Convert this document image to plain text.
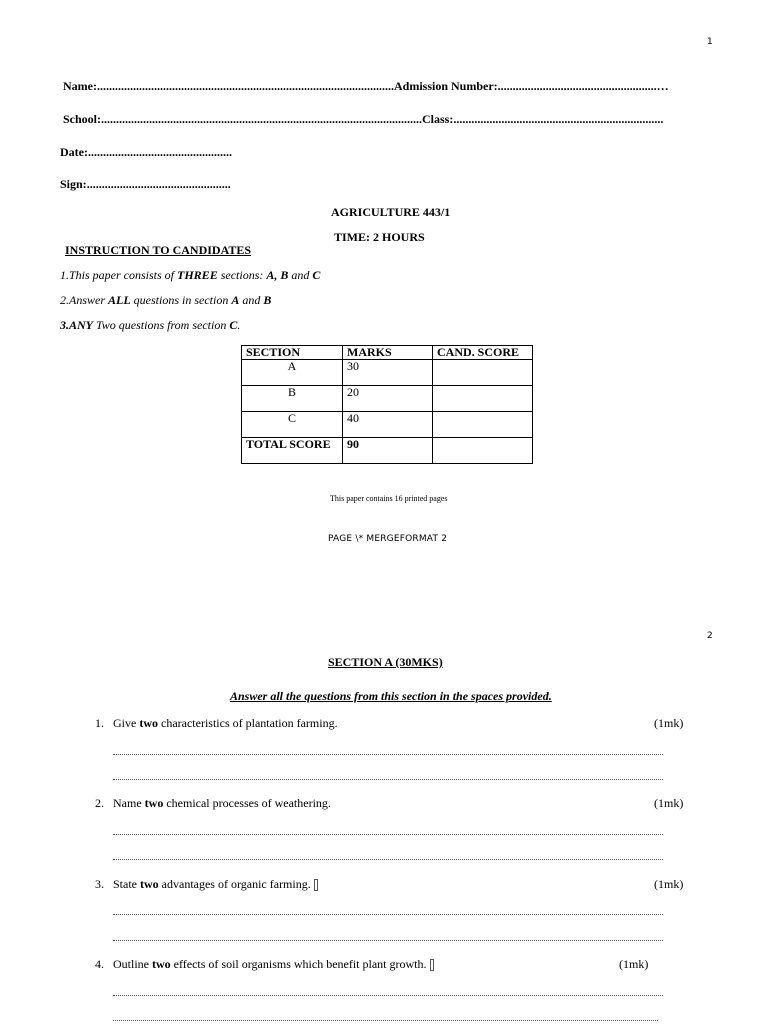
1
Name:...................................................................................................Admission Number:.....................................................…
School:...........................................................................................................Class:......................................................................
Date:................................................
Sign:................................................
AGRICULTURE 443/1
TIME: 2 HOURS
INSTRUCTION TO CANDIDATES
1.This paper consists of THREE sections: A, B and C
2.Answer ALL questions in section A and B
3.ANY Two questions from section C.
SECTION	MARKS	CAND. SCORE
A	30	
B	20	
C	40	
TOTAL SCORE	90	
This paper contains 16 printed pages
PAGE \* MERGEFORMAT 2
2
SECTION A (30MKS)
Answer all the questions from this section in the spaces provided.
1. Give two characteristics of plantation farming.	(1mk)
2. Name two chemical processes of weathering.	(1mk)
3. State two advantages of organic farming.	(1mk)
4. Outline two effects of soil organisms which benefit plant growth.	(1mk)
